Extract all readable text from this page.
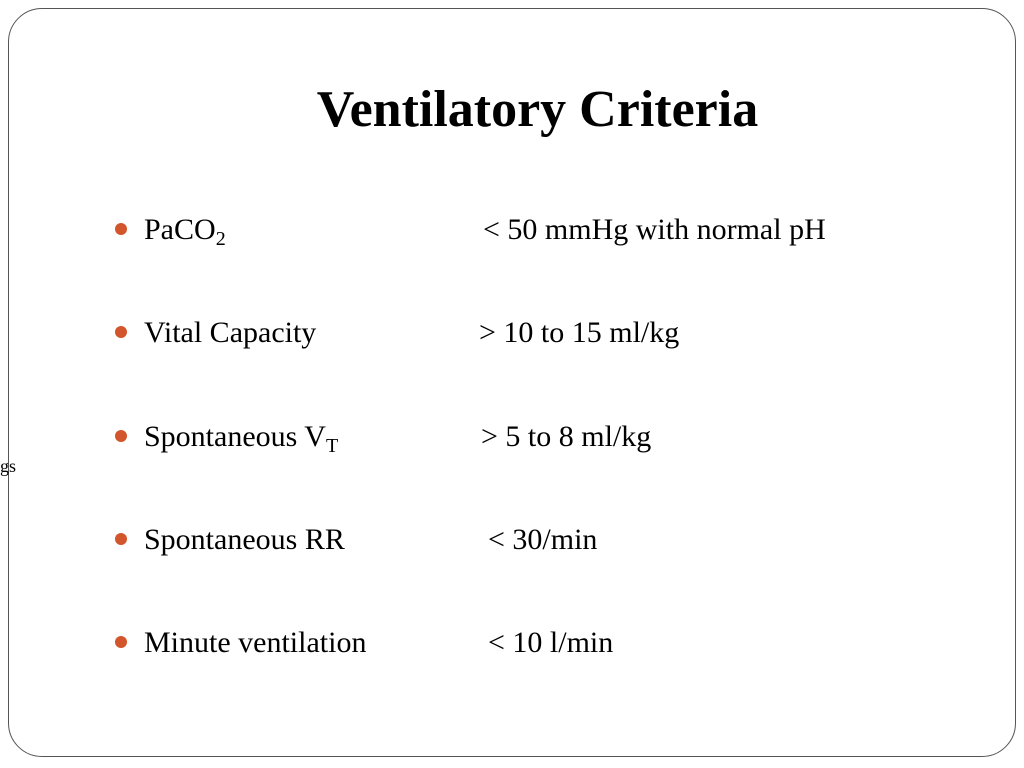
gs
Ventilatory Criteria
PaCO$_2$	< 50 mmHg with normal pH
Vital Capacity	> 10 to 15 ml/kg
Spontaneous $V_T$	> 5 to 8 ml/kg
Spontaneous RR	< 30/min
Minute ventilation	< 10 l/min
